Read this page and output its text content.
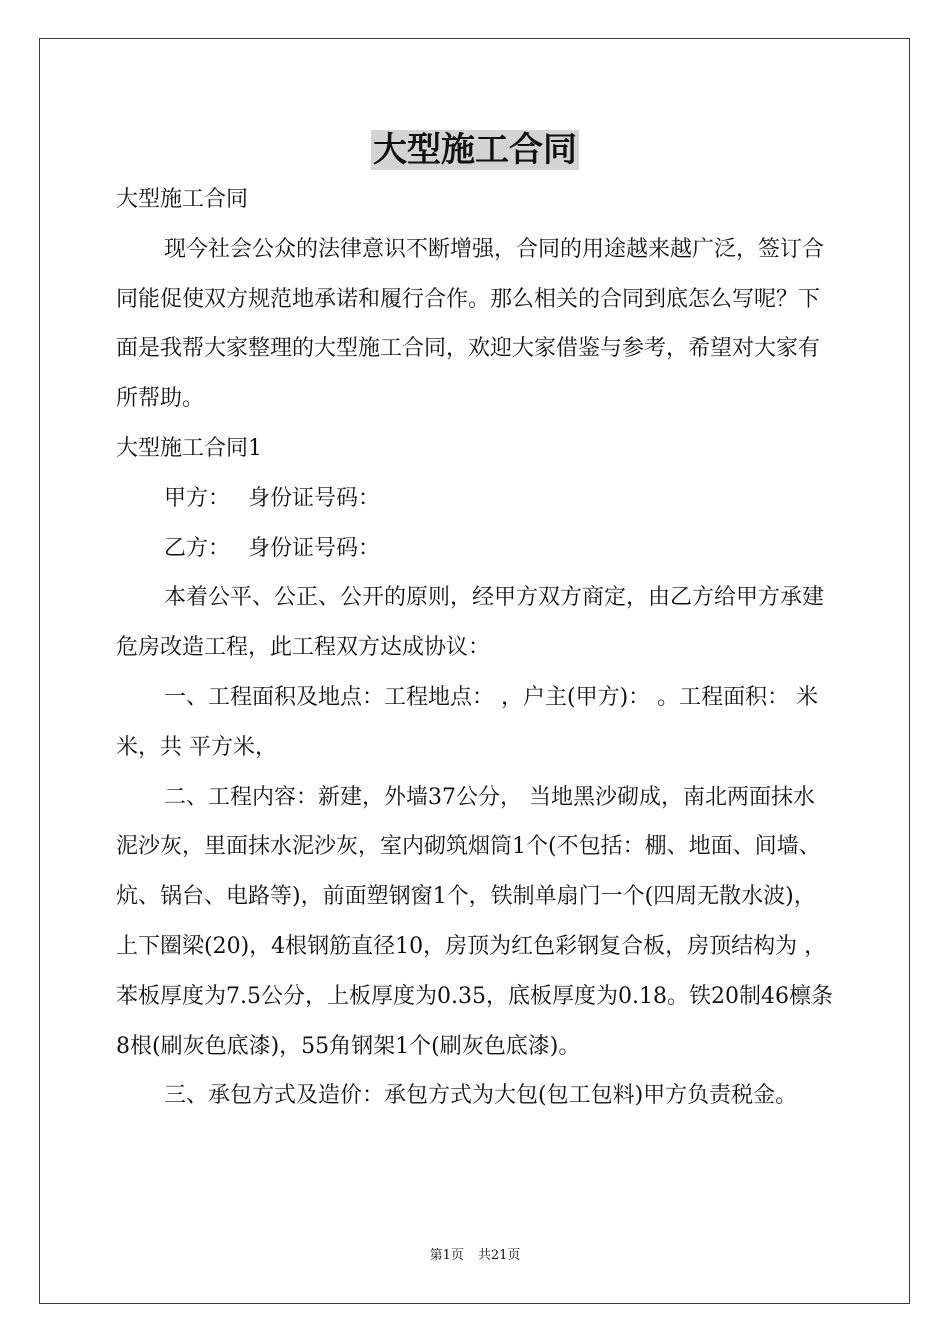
大型施工合同

大型施工合同

现今社会公众的法律意识不断增强，合同的用途越来越广泛，签订合同能促使双方规范地承诺和履行合作。那么相关的合同到底怎么写呢？下面是我帮大家整理的大型施工合同，欢迎大家借鉴与参考，希望对大家有所帮助。

大型施工合同1

甲方： 身份证号码：

乙方： 身份证号码：

本着公平、公正、公开的原则，经甲方双方商定，由乙方给甲方承建危房改造工程，此工程双方达成协议：

一、工程面积及地点：工程地点： ，户主(甲方)： 。工程面积： 米 米，共 平方米，

二、工程内容：新建，外墙37公分， 当地黑沙砌成，南北两面抹水泥沙灰，里面抹水泥沙灰，室内砌筑烟筒1个(不包括：棚、地面、间墙、炕、锅台、电路等)，前面塑钢窗1个，铁制单扇门一个(四周无散水波)，上下圈梁(20)，4根钢筋直径10，房顶为红色彩钢复合板，房顶结构为 ，苯板厚度为7.5公分，上板厚度为0.35，底板厚度为0.18。铁20制46檩条8根(刷灰色底漆)，55角钢架1个(刷灰色底漆)。

三、承包方式及造价：承包方式为大包(包工包料)甲方负责税金。

第1页 共21页
